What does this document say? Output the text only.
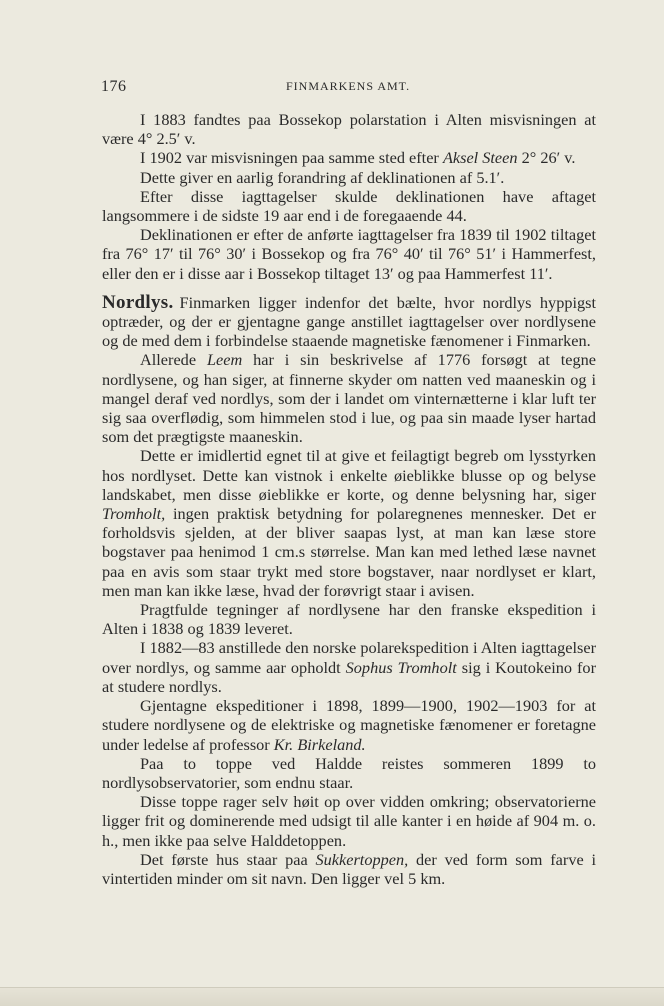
176	FINMARKENS AMT.

I 1883 fandtes paa Bossekop polarstation i Alten misvisningen at være 4° 2.5′ v.

I 1902 var misvisningen paa samme sted efter Aksel Steen 2° 26′ v.

Dette giver en aarlig forandring af deklinationen af 5.1′.

Efter disse iagttagelser skulde deklinationen have aftaget langsommere i de sidste 19 aar end i de foregaaende 44.

Deklinationen er efter de anførte iagttagelser fra 1839 til 1902 tiltaget fra 76° 17′ til 76° 30′ i Bossekop og fra 76° 40′ til 76° 51′ i Hammerfest, eller den er i disse aar i Bossekop tiltaget 13′ og paa Hammerfest 11′.

Nordlys. Finmarken ligger indenfor det bælte, hvor nordlys hyppigst optræder, og der er gjentagne gange anstillet iagttagelser over nordlysene og de med dem i forbindelse staaende magnetiske fænomener i Finmarken.

Allerede Leem har i sin beskrivelse af 1776 forsøgt at tegne nordlysene, og han siger, at finnerne skyder om natten ved maaneskin og i mangel deraf ved nordlys, som der i landet om vinternætterne i klar luft ter sig saa overflødig, som himmelen stod i lue, og paa sin maade lyser hartad som det prægtigste maaneskin.

Dette er imidlertid egnet til at give et feilagtigt begreb om lysstyrken hos nordlyset. Dette kan vistnok i enkelte øieblikke blusse op og belyse landskabet, men disse øieblikke er korte, og denne belysning har, siger Tromholt, ingen praktisk betydning for polaregnenes mennesker. Det er forholdsvis sjelden, at der bliver saapas lyst, at man kan læse store bogstaver paa henimod 1 cm.s størrelse. Man kan med lethed læse navnet paa en avis som staar trykt med store bogstaver, naar nordlyset er klart, men man kan ikke læse, hvad der forøvrigt staar i avisen.

Pragtfulde tegninger af nordlysene har den franske ekspedition i Alten i 1838 og 1839 leveret.

I 1882—83 anstillede den norske polarekspedition i Alten iagttagelser over nordlys, og samme aar opholdt Sophus Tromholt sig i Koutokeino for at studere nordlys.

Gjentagne ekspeditioner i 1898, 1899—1900, 1902—1903 for at studere nordlysene og de elektriske og magnetiske fænomener er foretagne under ledelse af professor Kr. Birkeland.

Paa to toppe ved Haldde reistes sommeren 1899 to nordlysobservatorier, som endnu staar.

Disse toppe rager selv høit op over vidden omkring; observatorierne ligger frit og dominerende med udsigt til alle kanter i en høide af 904 m. o. h., men ikke paa selve Halddetoppen.

Det første hus staar paa Sukkertoppen, der ved form som farve i vintertiden minder om sit navn. Den ligger vel 5 km.
